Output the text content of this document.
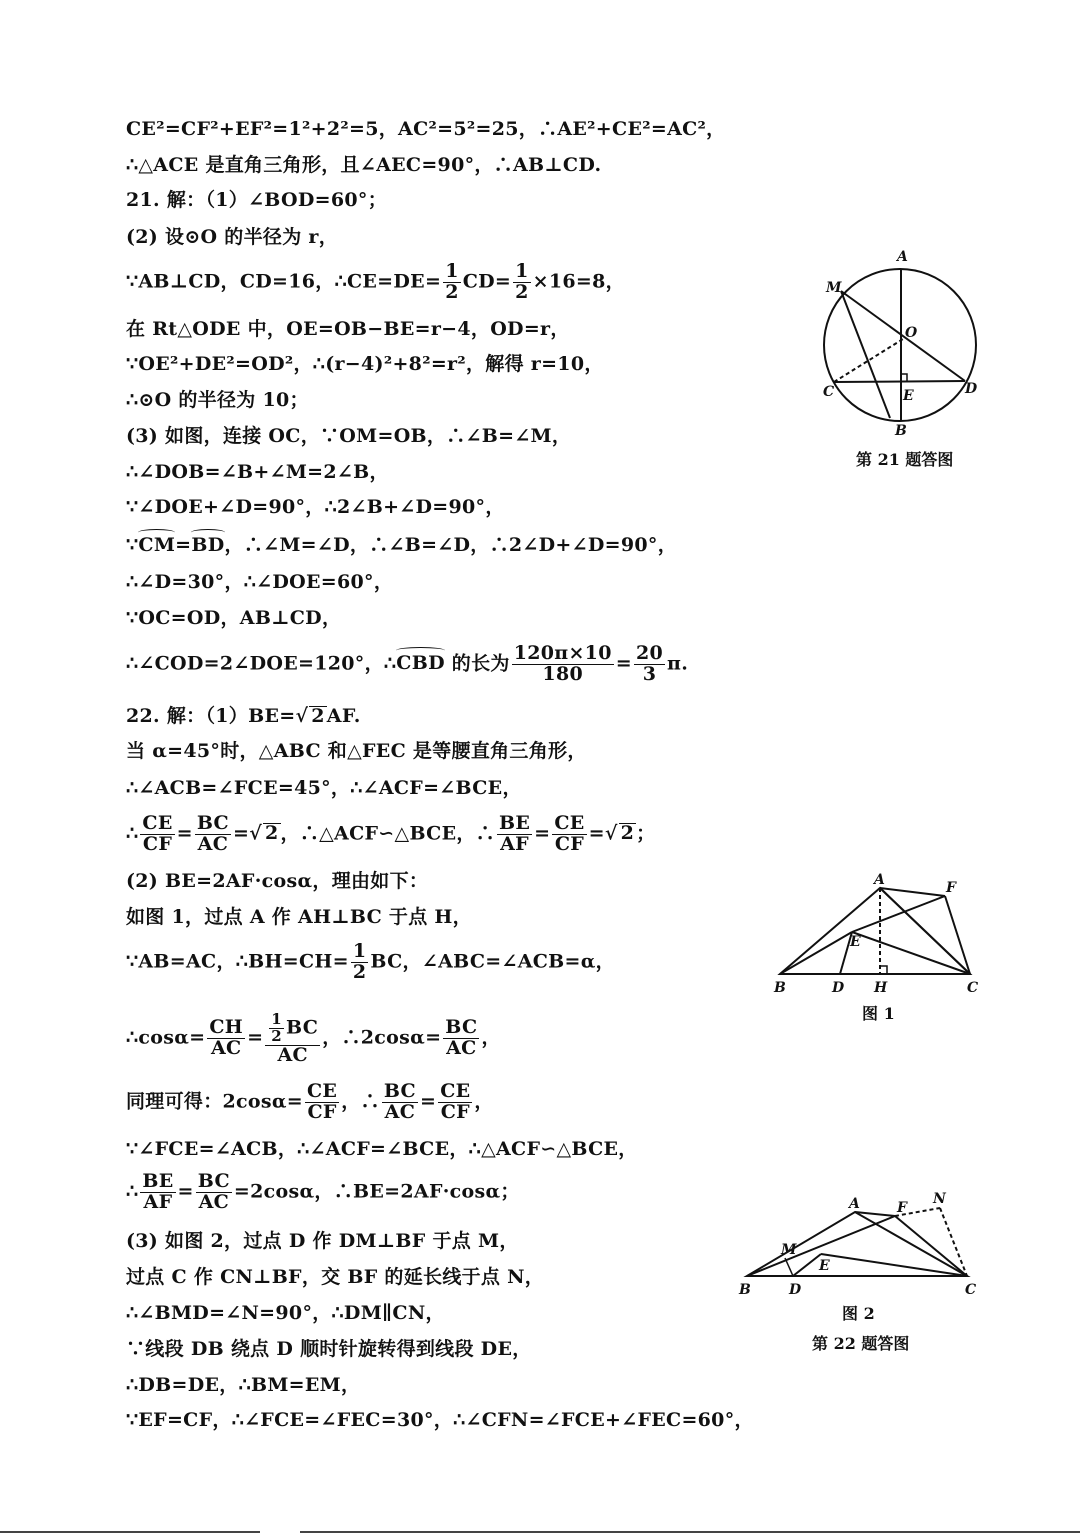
CE²=CF²+EF²=1²+2²=5，AC²=5²=25，∴AE²+CE²=AC²，
∴△ACE 是直角三角形，且∠AEC=90°，∴AB⊥CD.
21. 解：（1）∠BOD=60°；
(2) 设⊙O 的半径为 r，
∵AB⊥CD，CD=16，∴CE=DE= $\frac{1}{2} CD= \frac{1}{2} \times 16=8$，
在 Rt△ODE 中，OE=OB−BE=r−4，OD=r，
∵OE²+DE²=OD²，∴(r−4)²+8²=r²，解得 r=10，
∴⊙O 的半径为 10；
(3) 如图，连接 OC，∵OM=OB，∴∠B=∠M，
∴∠DOB=∠B+∠M=2∠B，
∵∠DOE+∠D=90°，∴2∠B+∠D=90°，
∵CM=BD，∴∠M=∠D，∴∠B=∠D，∴2∠D+∠D=90°，
∴∠D=30°，∴∠DOE=60°，
∵OC=OD，AB⊥CD，
∴∠COD=2∠DOE=120°，∴CBD 的长为 $\frac{120\pi\times 10}{180} = \frac{20}{3} \pi$.
22. 解：（1）BE=√ 2 AF.
当 α=45°时，△ABC 和△FEC 是等腰直角三角形，
∴∠ACB=∠FCE=45°，∴∠ACF=∠BCE，
∴ $\frac{CE}{CF} = \frac{BC}{AC}$ =√ 2 ，∴△ACF∽△BCE，∴ $\frac{BE}{AF} = \frac{CE}{CF}$ =√ 2 ；
(2) BE=2AF·cosα，理由如下：
如图 1，过点 A 作 AH⊥BC 于点 H，
∵AB=AC，∴BH=CH= $\frac{1}{2}$ BC，∠ABC=∠ACB=α，
∴cosα= $\frac{CH}{AC} = \frac{\frac{1}{2} BC}{AC}$ ，∴2cosα= $\frac{BC}{AC}$ ，
同理可得：$2\cos\alpha= \frac{CE}{CF}$ ，∴ $\frac{BC}{AC} = \frac{CE}{CF}$ ，
∵∠FCE=∠ACB，∴∠ACF=∠BCE，∴△ACF∽△BCE，
∴ $\frac{BE}{AF} = \frac{BC}{AC} =2\cos\alpha$，∴BE=2AF·cosα；
(3) 如图 2，过点 D 作 DM⊥BF 于点 M，
过点 C 作 CN⊥BF，交 BF 的延长线于点 N，
∴∠BMD=∠N=90°，∴DM∥CN，
∵线段 DB 绕点 D 顺时针旋转得到线段 DE，
∴DB=DE，∴BM=EM，
∵EF=CF，∴∠FCE=∠FEC=30°，∴∠CFN=∠FCE+∠FEC=60°，
A
M
O
C	D
E
B
第 21 题答图
A	F
E
B	D H	C
图 1
A	F
N
M
E
B	D	C
图 2
第 22 题答图
